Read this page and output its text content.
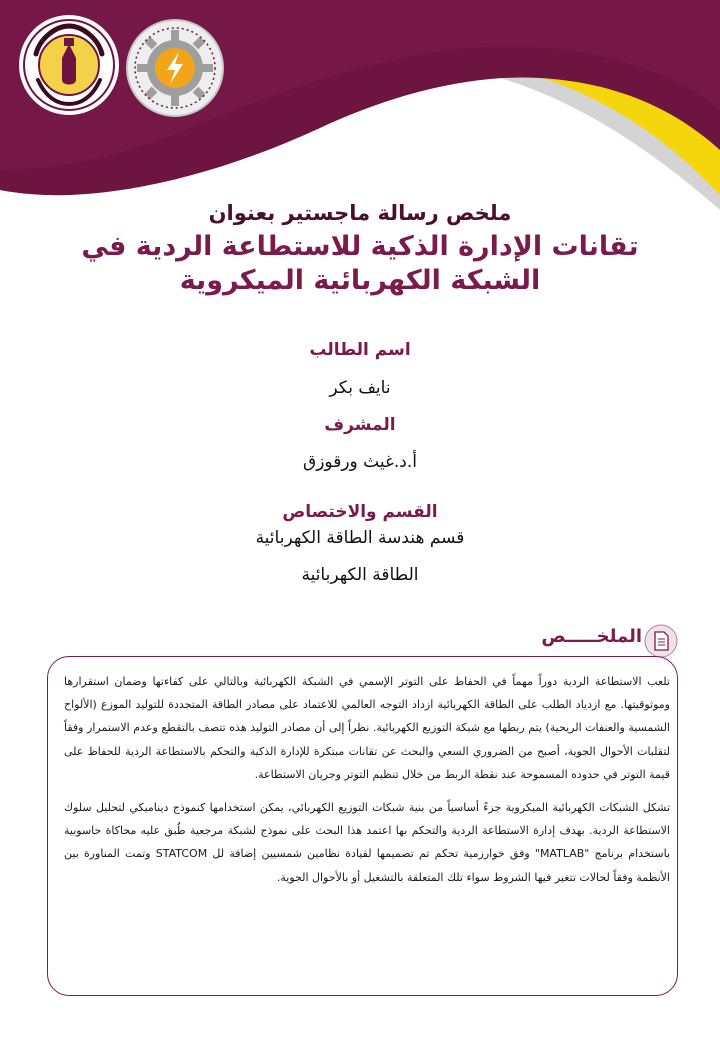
ملخص رسالة ماجستير بعنوان
تقانات الإدارة الذكية للاستطاعة الردية في
الشبكة الكهربائية الميكروية
اسم الطالب
نايف بكر
المشرف
أ.د.غيث ورقوزق
القسم والاختصاص
قسم هندسة الطاقة الكهربائية
الطاقة الكهربائية
الملخـــــص

تلعب الاستطاعة الردية دوراً مهماً في الحفاظ على التوتر الإسمي في الشبكة الكهربائية وبالتالي على كفاءتها وضمان استقرارها وموثوقيتها. مع ازدياد الطلب على الطاقة الكهربائية ازداد التوجه العالمي للاعتماد على مصادر الطاقة المتجددة للتوليد الموزع (الألواح الشمسية والعنفات الريحية) يتم ربطها مع شبكة التوزيع الكهربائية. نظراً إلى أن مصادر التوليد هذه تتصف بالتقطع وعدم الاستمرار وفقاً لتقلبات الأحوال الجوية، أصبح من الضروري السعي والبحث عن تقانات مبتكرة للإدارة الذكية والتحكم بالاستطاعة الردية للحفاظ على قيمة التوتر في حدوده المسموحة عند نقطة الربط من خلال تنظيم التوتر وجريان الاستطاعة.

تشكل الشبكات الكهربائية الميكروية جزءً أساسياً من بنية شبكات التوزيع الكهربائي، يمكن استخدامها كنموذج ديناميكي لتحليل سلوك الاستطاعة الردية. بهدف إدارة الاستطاعة الردية والتحكم بها اعتمد هذا البحث على نموذج لشبكة مرجعية طُبق عليه محاكاة حاسوبية باستخدام برنامج "MATLAB" وفق خوارزمية تحكم تم تصميمها لقيادة نظامين شمسيين إضافة لل STATCOM وتمت المناورة بين الأنظمة وفقاً لحالات تتغير فيها الشروط سواء تلك المتعلقة بالتشغيل أو بالأحوال الجوية.
